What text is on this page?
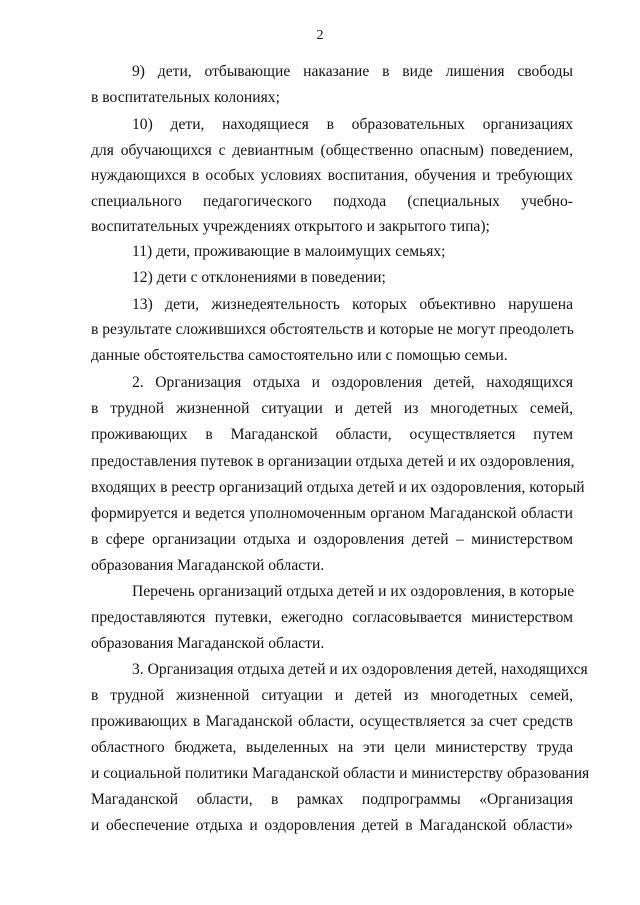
2
9) дети, отбывающие наказание в виде лишения свободы
в воспитательных колониях;
10) дети, находящиеся в образовательных организациях
для обучающихся с девиантным (общественно опасным) поведением,
нуждающихся в особых условиях воспитания, обучения и требующих
специального педагогического подхода (специальных учебно-
воспитательных учреждениях открытого и закрытого типа);
11) дети, проживающие в малоимущих семьях;
12) дети с отклонениями в поведении;
13) дети, жизнедеятельность которых объективно нарушена
в результате сложившихся обстоятельств и которые не могут преодолеть
данные обстоятельства самостоятельно или с помощью семьи.
2. Организация отдыха и оздоровления детей, находящихся
в трудной жизненной ситуации и детей из многодетных семей,
проживающих в Магаданской области, осуществляется путем
предоставления путевок в организации отдыха детей и их оздоровления,
входящих в реестр организаций отдыха детей и их оздоровления, который
формируется и ведется уполномоченным органом Магаданской области
в сфере организации отдыха и оздоровления детей – министерством
образования Магаданской области.
Перечень организаций отдыха детей и их оздоровления, в которые
предоставляются путевки, ежегодно согласовывается министерством
образования Магаданской области.
3. Организация отдыха детей и их оздоровления детей, находящихся
в трудной жизненной ситуации и детей из многодетных семей,
проживающих в Магаданской области, осуществляется за счет средств
областного бюджета, выделенных на эти цели министерству труда
и социальной политики Магаданской области и министерству образования
Магаданской области, в рамках подпрограммы «Организация
и обеспечение отдыха и оздоровления детей в Магаданской области»
